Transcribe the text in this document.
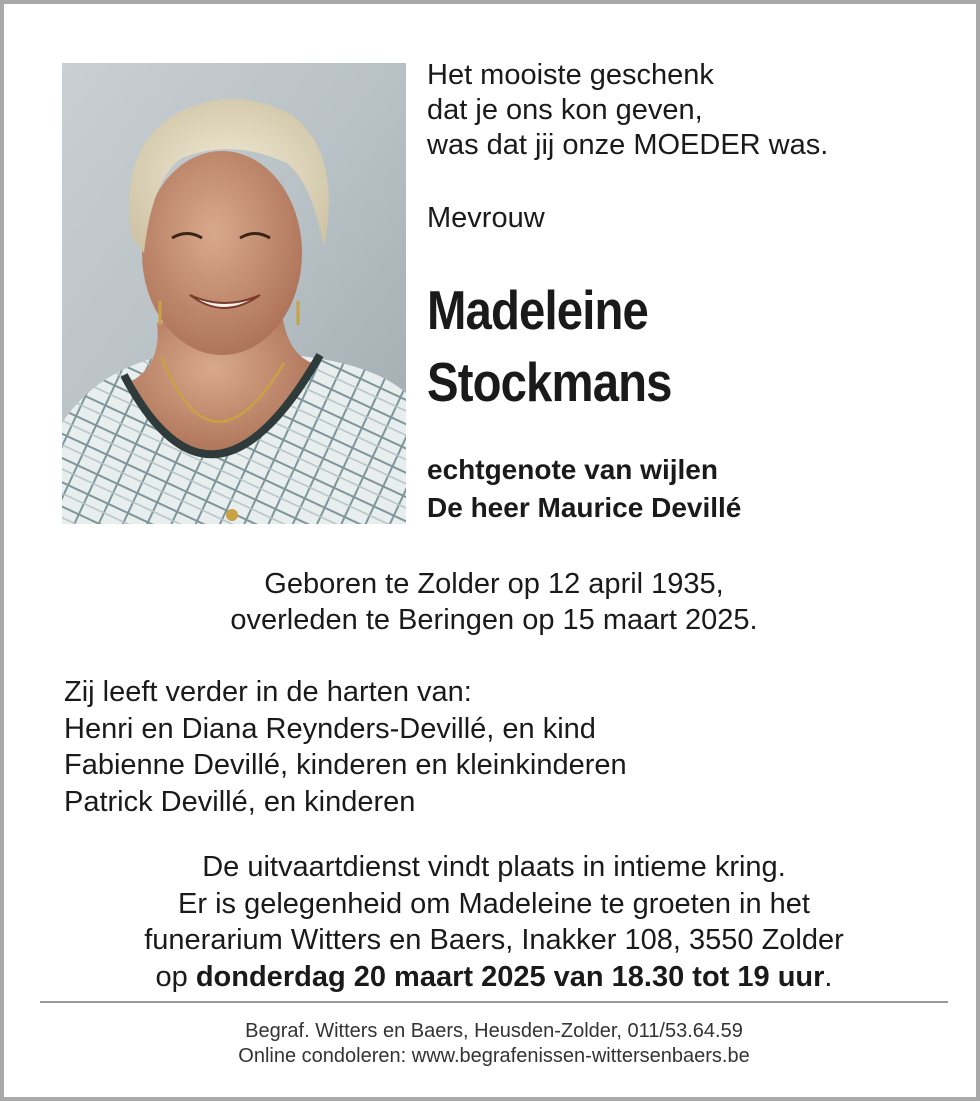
Het mooiste geschenk
dat je ons kon geven,
was dat jij onze MOEDER was.
Mevrouw
Madeleine
Stockmans
echtgenote van wijlen
De heer Maurice Devillé
Geboren te Zolder op 12 april 1935,
overleden te Beringen op 15 maart 2025.
Zij leeft verder in de harten van:
Henri en Diana Reynders-Devillé, en kind
Fabienne Devillé, kinderen en kleinkinderen
Patrick Devillé, en kinderen
De uitvaartdienst vindt plaats in intieme kring.
Er is gelegenheid om Madeleine te groeten in het
funerarium Witters en Baers, Inakker 108, 3550 Zolder
op donderdag 20 maart 2025 van 18.30 tot 19 uur.
Begraf. Witters en Baers, Heusden-Zolder, 011/53.64.59
Online condoleren: www.begrafenissen-wittersenbaers.be
